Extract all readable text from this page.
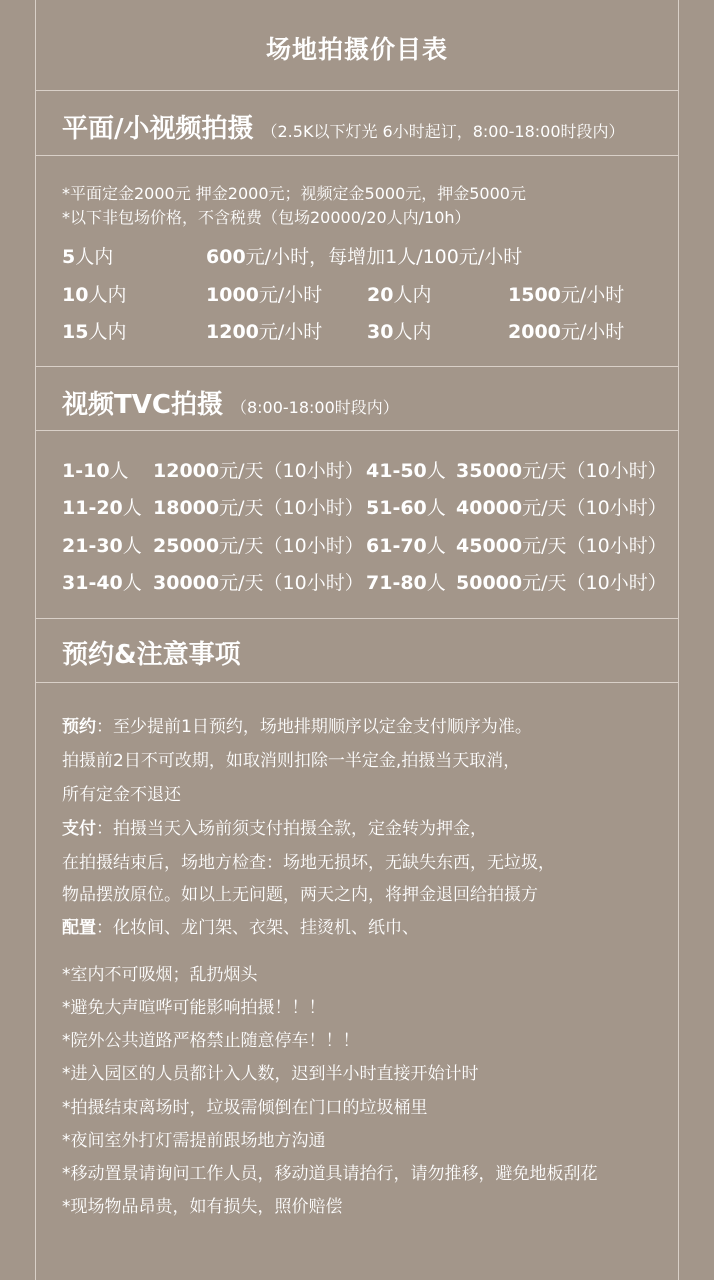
场地拍摄价目表
平面/小视频拍摄 （2.5K以下灯光 6小时起订，8:00-18:00时段内）
*平面定金2000元 押金2000元；视频定金5000元，押金5000元
*以下非包场价格，不含税费（包场20000/20人内/10h）
5人内	600元/小时，每增加1人/100元/小时
10人内	1000元/小时 20人内	1500元/小时
15人内	1200元/小时 30人内	2000元/小时
视频TVC拍摄 （8:00-18:00时段内）
1-10人 12000元/天（10小时） 41-50人 35000元/天（10小时）
11-20人 18000元/天（10小时） 51-60人 40000元/天（10小时）
21-30人 25000元/天（10小时） 61-70人 45000元/天（10小时）
31-40人 30000元/天（10小时） 71-80人 50000元/天（10小时）
预约&注意事项
预约：至少提前1日预约，场地排期顺序以定金支付顺序为准。
拍摄前2日不可改期，如取消则扣除一半定金,拍摄当天取消，
所有定金不退还
支付：拍摄当天入场前须支付拍摄全款，定金转为押金，
在拍摄结束后，场地方检查：场地无损坏，无缺失东西，无垃圾，
物品摆放原位。如以上无问题，两天之内，将押金退回给拍摄方
配置：化妆间、龙门架、衣架、挂烫机、纸巾、
*室内不可吸烟；乱扔烟头
*避免大声喧哗可能影响拍摄！！！
*院外公共道路严格禁止随意停车！！！
*进入园区的人员都计入人数，迟到半小时直接开始计时
*拍摄结束离场时，垃圾需倾倒在门口的垃圾桶里
*夜间室外打灯需提前跟场地方沟通
*移动置景请询问工作人员，移动道具请抬行，请勿推移，避免地板刮花
*现场物品昂贵，如有损失，照价赔偿
